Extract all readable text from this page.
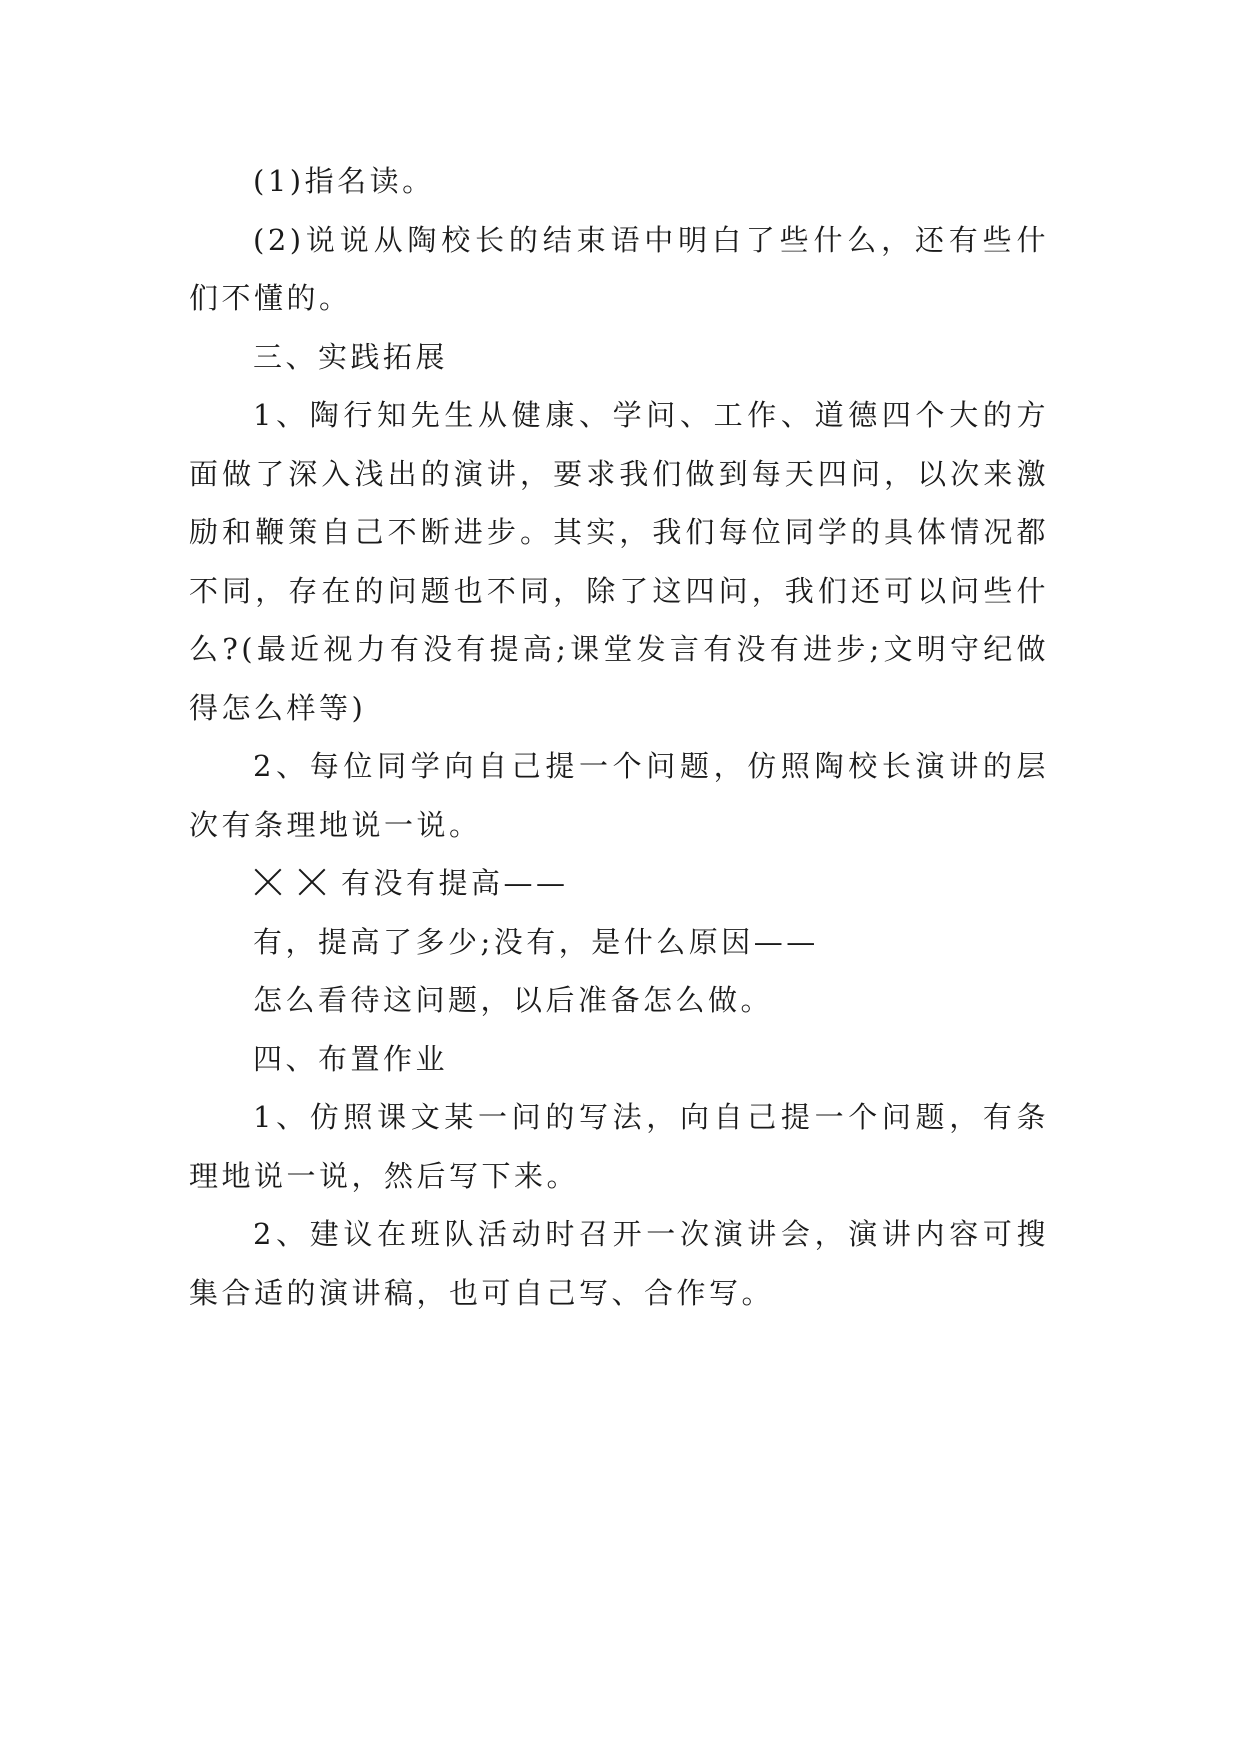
(1)指名读。

(2)说说从陶校长的结束语中明白了些什么，还有些什们不懂的。

三、实践拓展

1、陶行知先生从健康、学问、工作、道德四个大的方面做了深入浅出的演讲，要求我们做到每天四问，以次来激励和鞭策自己不断进步。其实，我们每位同学的具体情况都不同，存在的问题也不同，除了这四问，我们还可以问些什么?(最近视力有没有提高;课堂发言有没有进步;文明守纪做得怎么样等)

2、每位同学向自己提一个问题，仿照陶校长演讲的层次有条理地说一说。

有没有提高——

有，提高了多少;没有，是什么原因——

怎么看待这问题，以后准备怎么做。

四、布置作业

1、仿照课文某一问的写法，向自己提一个问题，有条理地说一说，然后写下来。

2、建议在班队活动时召开一次演讲会，演讲内容可搜集合适的演讲稿，也可自己写、合作写。
